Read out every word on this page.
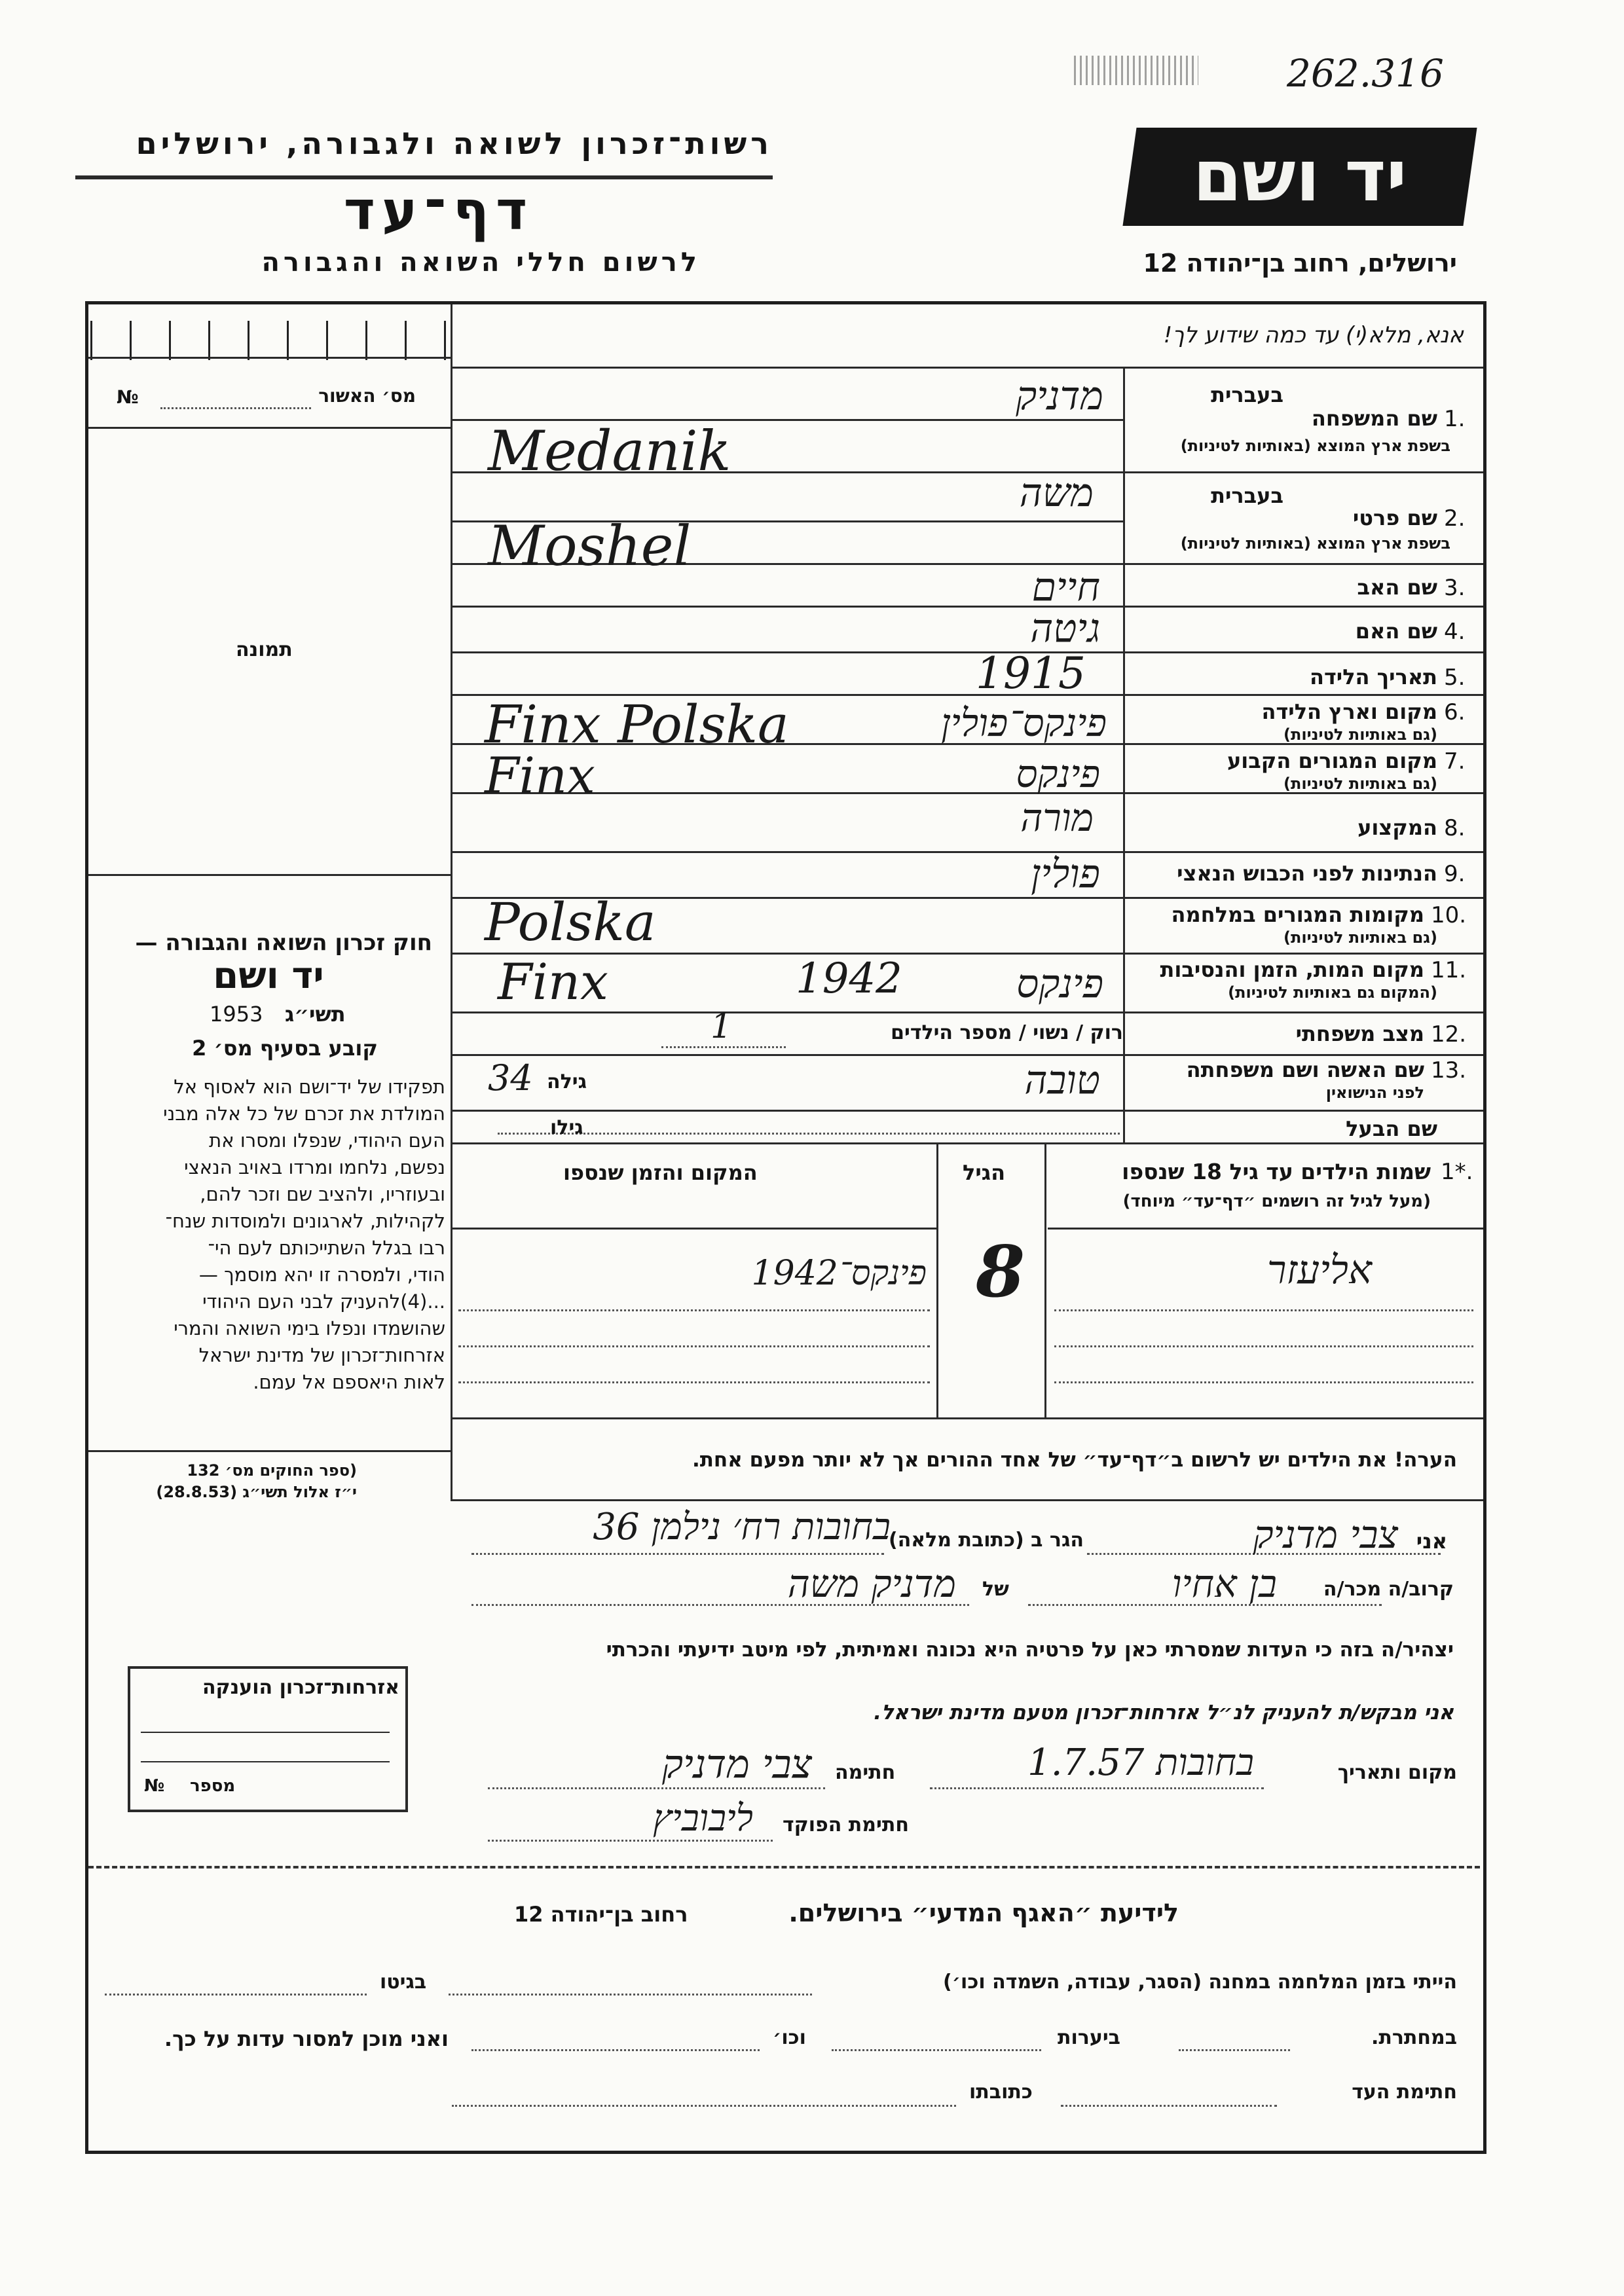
262.316
רשות־זכרון לשואה ולגבורה, ירושלים
דף־עד
לרשום חללי השואה והגבורה
יד ושם
ירושלים, רחוב בן־יהודה 12
אנא, מלא(י) עד כמה שידוע לך!
מס׳ האשור
№
תמונה
חוק זכרון השואה והגבורה —
יד ושם
1953 תשי״ג
קובע בסעיף מס׳ 2
תפקידו של יד־ושם הוא לאסוף אל
המולדת את זכרם של כל אלה מבני
העם היהודי, שנפלו ומסרו את
נפשם, נלחמו ומרדו באויב הנאצי
ובעוזריו, ולהציב שם וזכר להם,
לקהילות, לארגונים ולמוסדות שנח־
רבו בגלל השתייכותם לעם הי־
הודי, ולמסרה זו יהא מוסמך —
...(4)להעניק לבני העם היהודי
שהושמדו ונפלו בימי השואה והמרי
אזרחות־זכרון של מדינת ישראל
לאות היאספם אל עמם.
(ספר החוקים מס׳ 132
י״ז אלול תשי״ג (28.8.53)
בעברית
1.
שם המשפחה
בשפת ארץ המוצא (באותיות לטיניות)
מדניק
Medanik
בעברית
2.
שם פרטי
בשפת ארץ המוצא (באותיות לטיניות)
משה
Moshel
3.
שם האב
חיים
4.
שם האם
גיטה
5.
תאריך הלידה
1915
6.
מקום וארץ הלידה
(גם באותיות לטיניות)
פינקס־פולין
Finx Polska
7.
מקום המגורים הקבוע
(גם באותיות לטיניות)
פינקס
Finx
8.
המקצוע
מורה
9.
הנתינות לפני הכבוש הנאצי
פולין
10.
מקומות המגורים במלחמה
(גם באותיות לטיניות)
Polska
11.
מקום המות, הזמן והנסיבות
(המקום גם באותיות לטיניות)
פינקס
1942
Finx
12.
מצב משפחתי
רוק / נשוי / מספר הילדים
1
13.
שם האשה ושם משפחתה
לפני הנישואין
טובה
גילה
34
שם הבעל
גילו
1*.
שמות הילדים עד גיל 18 שנספו
(מעל לגיל זה רושמים ״דף־עד״ מיוחד)
הגיל
המקום והזמן שנספו
אליעזר
8
פינקס־1942
הערה! את הילדים יש לרשום ב״דף־עד״ של אחד ההורים אך לא יותר מפעם אחת.
אני
צבי מדניק
הגר ב (כתובת מלאה)
בחובות רח׳ נילמן 36
קרוב/ה מכר/ה
בן אחיו
של
מדניק משה
יצהיר/ה בזה כי העדות שמסרתי כאן על פרטיה היא נכונה ואמיתית, לפי מיטב ידיעתי והכרתי
אני מבקש/ת להעניק לנ״ל אזרחות־זכרון מטעם מדינת ישראל.
מקום ותאריך
בחובות 1.7.57
חתימה
צבי מדניק
חתימת הפוקד
ליבוביץ
אזרחות־זכרון הוענקה
מספר
№
לידיעת ״האגף המדעי״ בירושלים.
רחוב בן־יהודה 12
הייתי בזמן המלחמה במחנה (הסגר, עבודה, השמדה וכו׳)
בגיטו
במחתרת.
ביערות
וכו׳
ואני מוכן למסור עדות על כך.
חתימת העד
כתובתו
